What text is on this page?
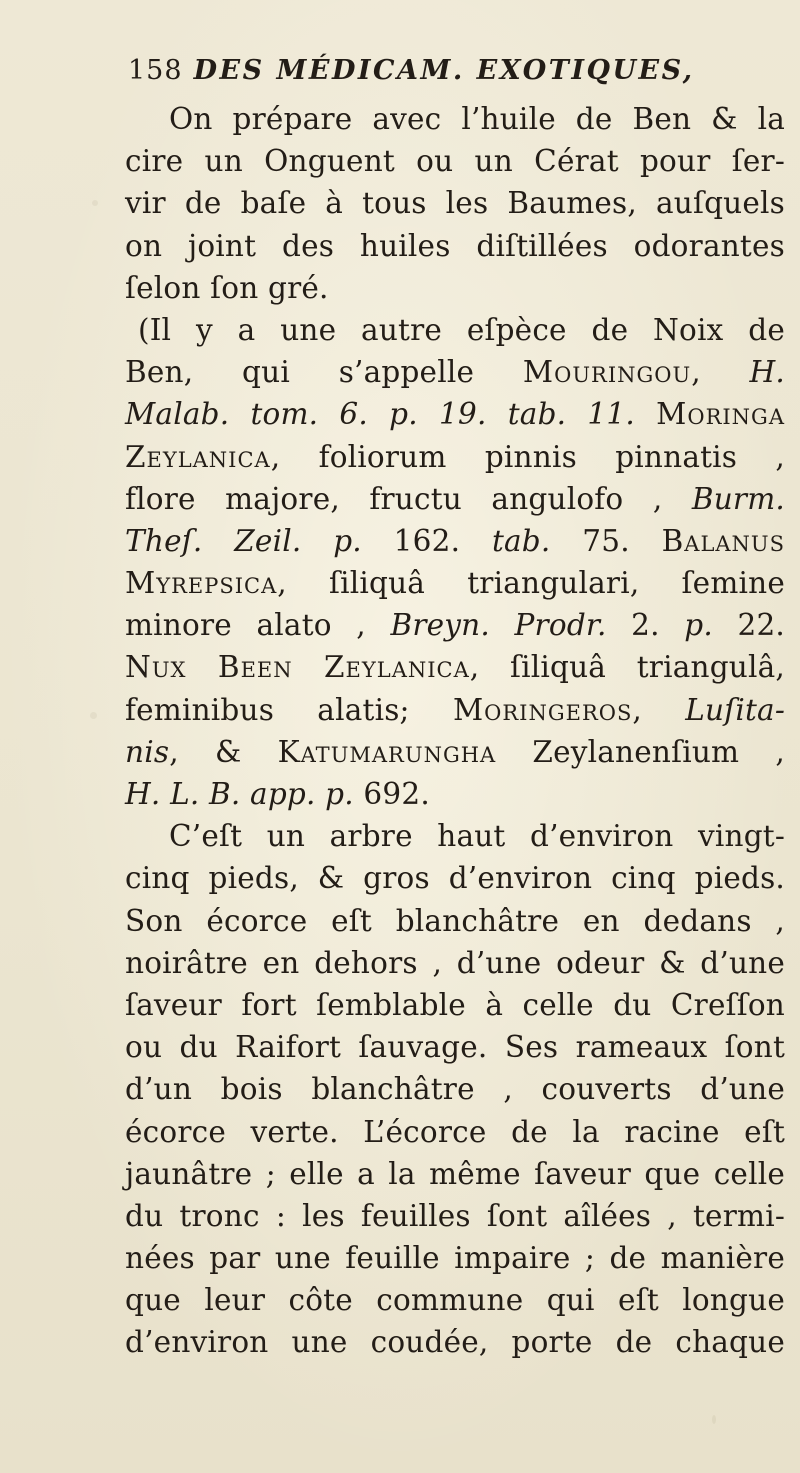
158 DES MÉDICAM. EXOTIQUES,
On prépare avec l’huile de Ben & la
cire un Onguent ou un Cérat pour ſer-
vir de baſe à tous les Baumes, auſquels
on joint des huiles diſtillées odorantes
ſelon ſon gré.
(Il y a une autre eſpèce de Noix de
Ben, qui s’appelle Mouringou, H.
Malab. tom. 6. p. 19. tab. 11. Moringa
Zeylanica, foliorum pinnis pinnatis ,
flore majore, fructu angulofo , Burm.
Theſ. Zeil. p. 162. tab. 75. Balanus
Myrepsica, ſiliquâ triangulari, ſemine
minore alato , Breyn. Prodr. 2. p. 22.
Nux Been Zeylanica, ſiliquâ triangulâ,
feminibus alatis; Moringeros, Luſita-
nis, & Katumarungha Zeylanenſium ,
H. L. B. app. p. 692.
C’eſt un arbre haut d’environ vingt-
cinq pieds, & gros d’environ cinq pieds.
Son écorce eſt blanchâtre en dedans ,
noirâtre en dehors , d’une odeur & d’une
ſaveur fort ſemblable à celle du Creſſon
ou du Raifort ſauvage. Ses rameaux ſont
d’un bois blanchâtre , couverts d’une
écorce verte. L’écorce de la racine eſt
jaunâtre ; elle a la même ſaveur que celle
du tronc : les feuilles ſont aîlées , termi-
nées par une feuille impaire ; de manière
que leur côte commune qui eſt longue
d’environ une coudée, porte de chaque
